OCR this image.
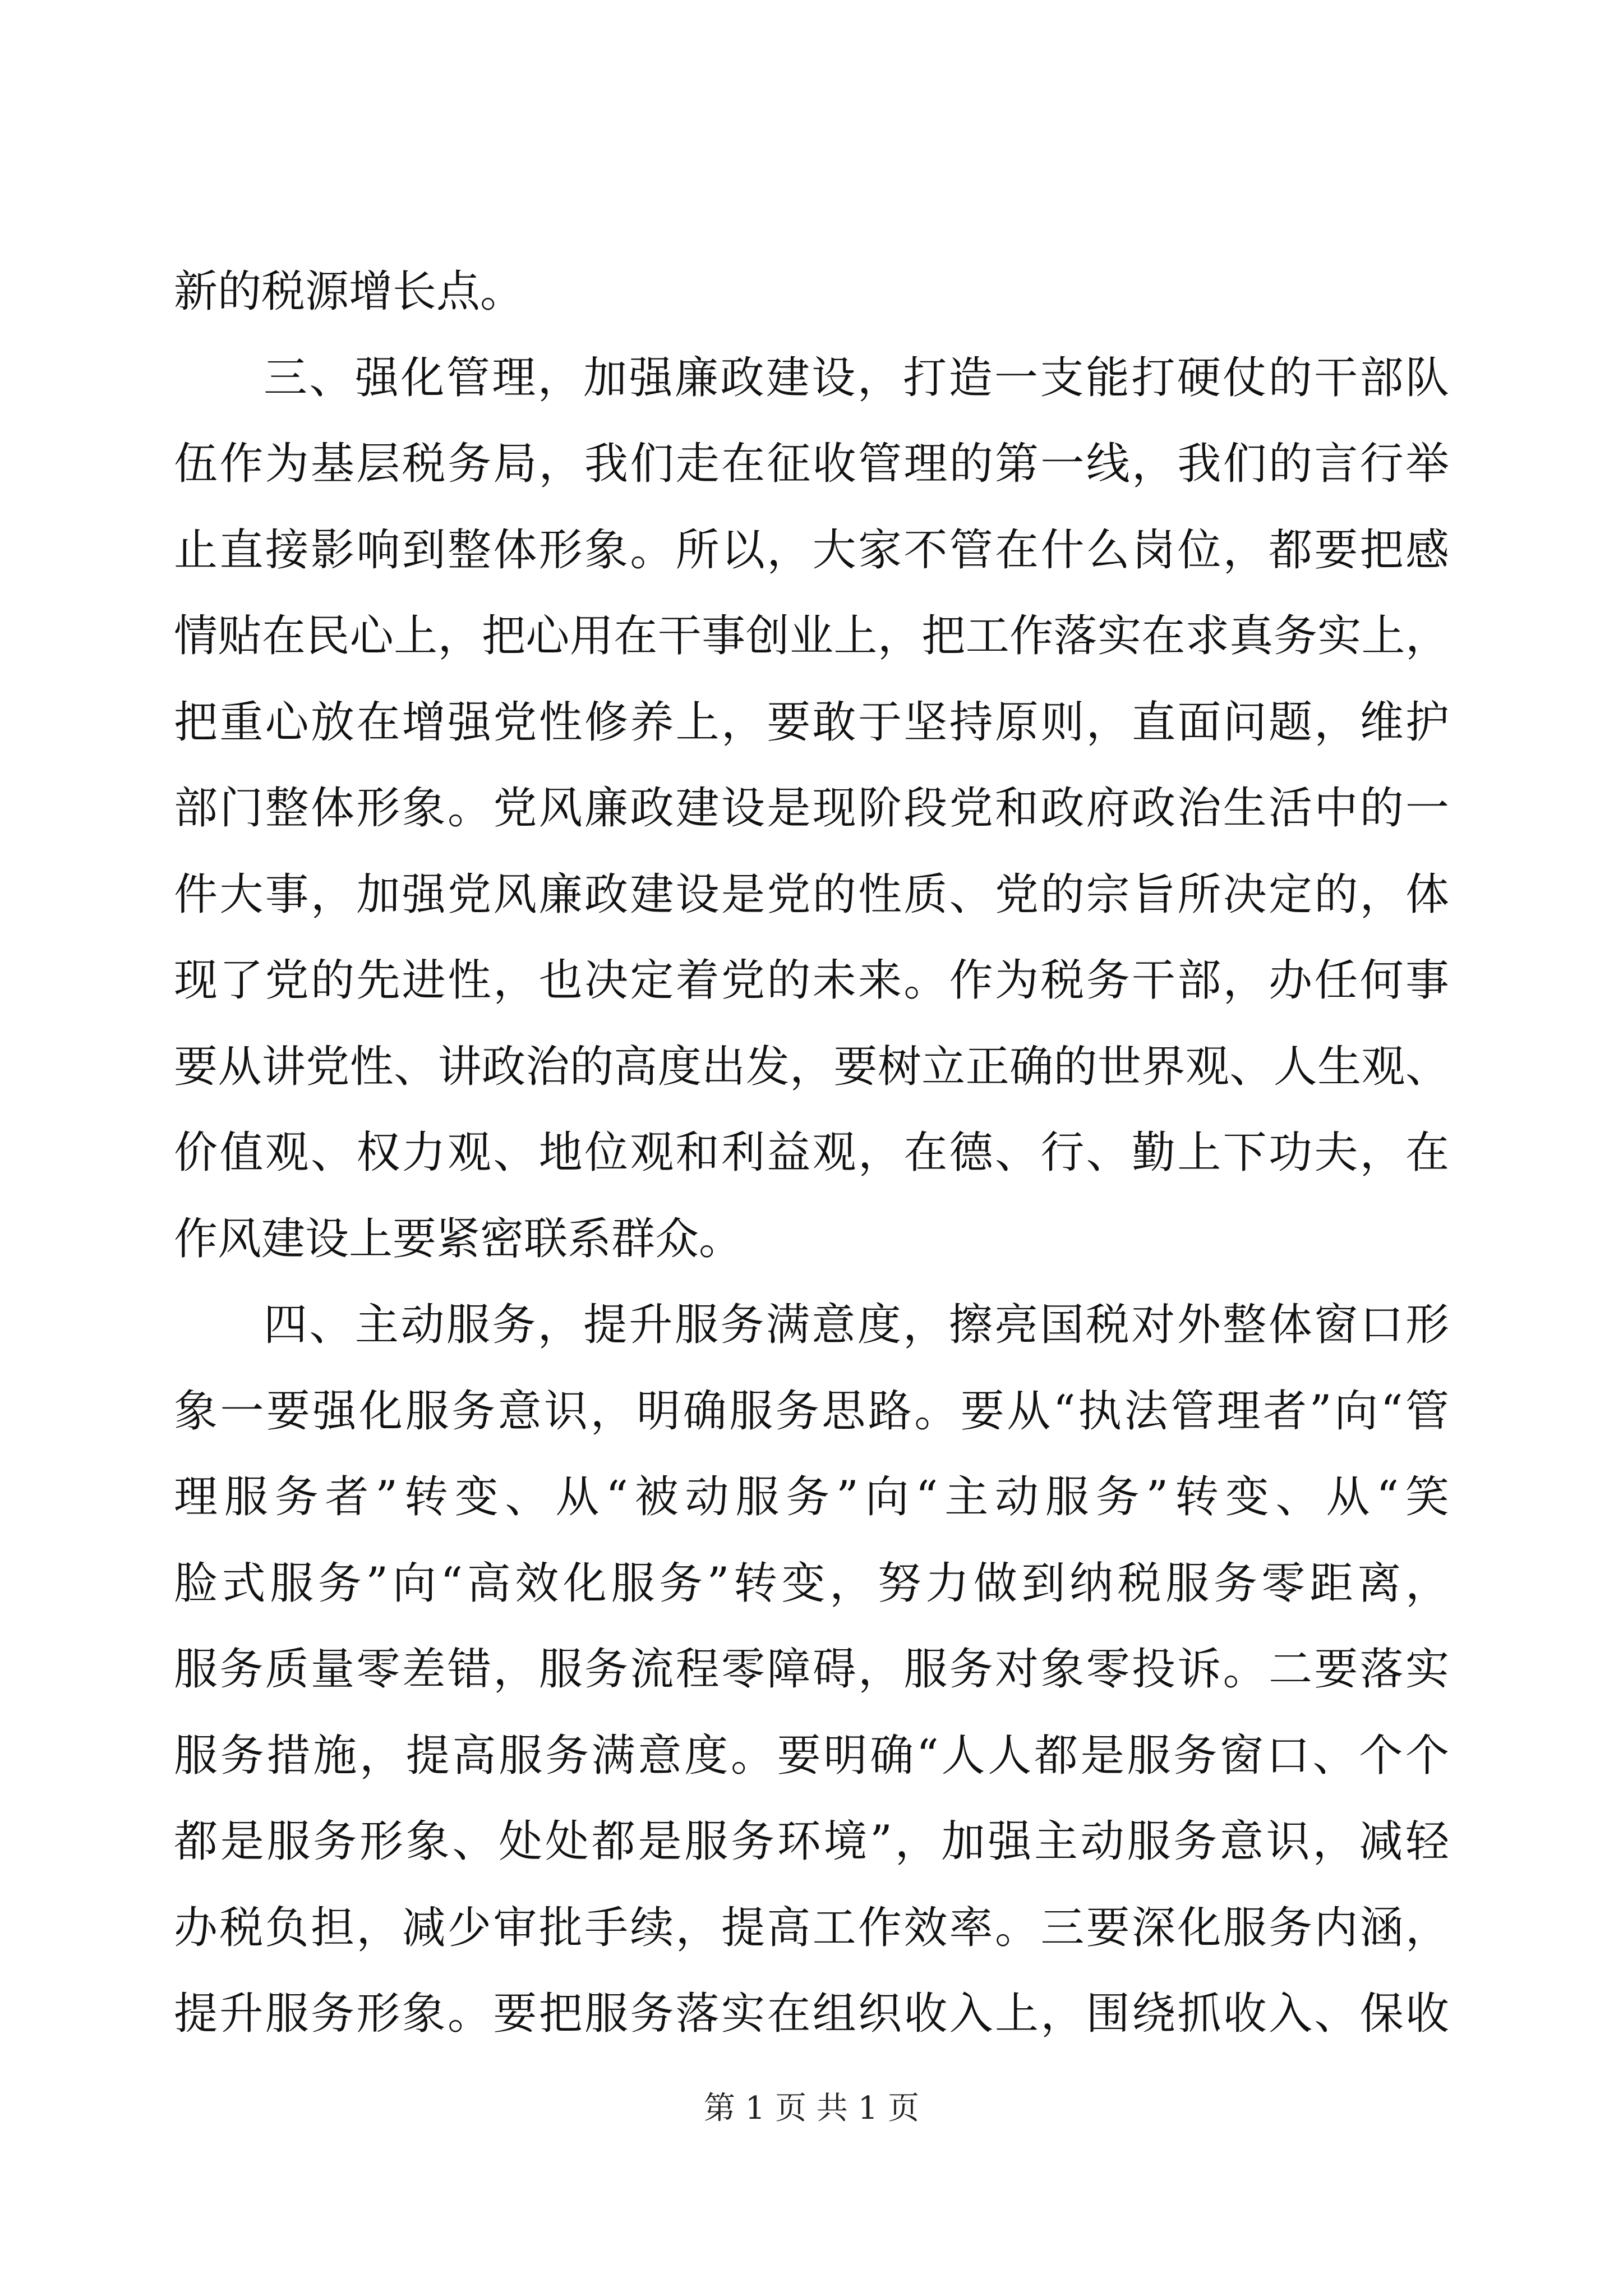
新的税源增长点。
三、强化管理，加强廉政建设，打造一支能打硬仗的干部队
伍作为基层税务局，我们走在征收管理的第一线，我们的言行举
止直接影响到整体形象。所以，大家不管在什么岗位，都要把感
情贴在民心上，把心用在干事创业上，把工作落实在求真务实上，
把重心放在增强党性修养上，要敢于坚持原则，直面问题，维护
部门整体形象。党风廉政建设是现阶段党和政府政治生活中的一
件大事，加强党风廉政建设是党的性质、党的宗旨所决定的，体
现了党的先进性，也决定着党的未来。作为税务干部，办任何事
要从讲党性、讲政治的高度出发，要树立正确的世界观、人生观、
价值观、权力观、地位观和利益观，在德、行、勤上下功夫，在
作风建设上要紧密联系群众。
四、主动服务，提升服务满意度，擦亮国税对外整体窗口形
象一要强化服务意识，明确服务思路。要从“执法管理者”向“管
理服务者”转变、从“被动服务”向“主动服务”转变、从“笑
脸式服务”向“高效化服务”转变，努力做到纳税服务零距离，
服务质量零差错，服务流程零障碍，服务对象零投诉。二要落实
服务措施，提高服务满意度。要明确“人人都是服务窗口、个个
都是服务形象、处处都是服务环境”，加强主动服务意识，减轻
办税负担，减少审批手续，提高工作效率。三要深化服务内涵，
提升服务形象。要把服务落实在组织收入上，围绕抓收入、保收
第 1 页 共 1 页
